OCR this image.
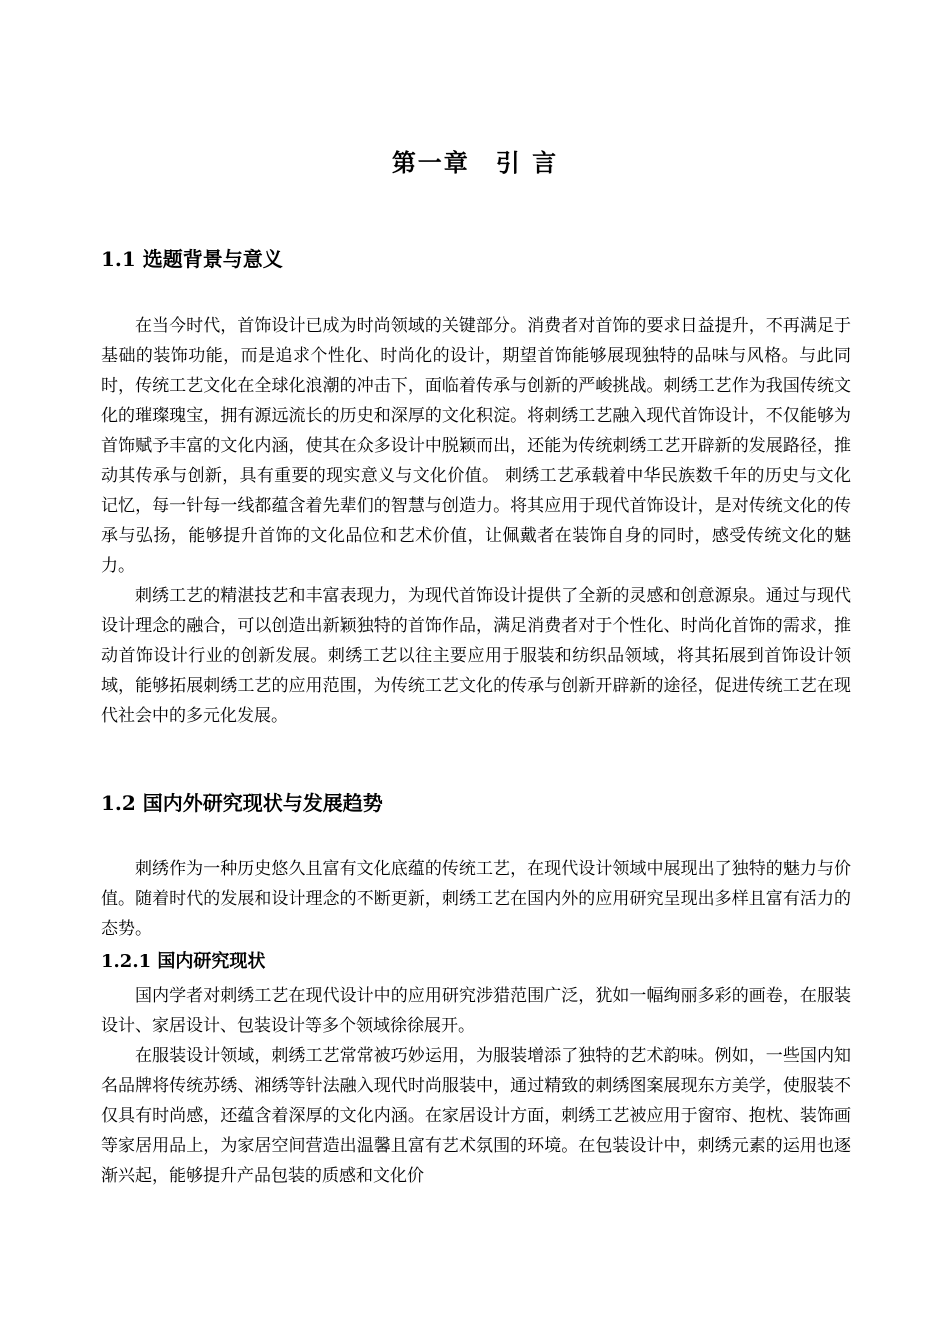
第一章　引 言
1.1 选题背景与意义

在当今时代，首饰设计已成为时尚领域的关键部分。消费者对首饰的要求日益提升，不再满足于基础的装饰功能，而是追求个性化、时尚化的设计，期望首饰能够展现独特的品味与风格。与此同时，传统工艺文化在全球化浪潮的冲击下，面临着传承与创新的严峻挑战。刺绣工艺作为我国传统文化的璀璨瑰宝，拥有源远流长的历史和深厚的文化积淀。将刺绣工艺融入现代首饰设计，不仅能够为首饰赋予丰富的文化内涵，使其在众多设计中脱颖而出，还能为传统刺绣工艺开辟新的发展路径，推动其传承与创新，具有重要的现实意义与文化价值。 刺绣工艺承载着中华民族数千年的历史与文化记忆，每一针每一线都蕴含着先辈们的智慧与创造力。将其应用于现代首饰设计，是对传统文化的传承与弘扬，能够提升首饰的文化品位和艺术价值，让佩戴者在装饰自身的同时，感受传统文化的魅力。

刺绣工艺的精湛技艺和丰富表现力，为现代首饰设计提供了全新的灵感和创意源泉。通过与现代设计理念的融合，可以创造出新颖独特的首饰作品，满足消费者对于个性化、时尚化首饰的需求，推动首饰设计行业的创新发展。刺绣工艺以往主要应用于服装和纺织品领域，将其拓展到首饰设计领域，能够拓展刺绣工艺的应用范围，为传统工艺文化的传承与创新开辟新的途径，促进传统工艺在现代社会中的多元化发展。

1.2 国内外研究现状与发展趋势

刺绣作为一种历史悠久且富有文化底蕴的传统工艺，在现代设计领域中展现出了独特的魅力与价值。随着时代的发展和设计理念的不断更新，刺绣工艺在国内外的应用研究呈现出多样且富有活力的态势。

1.2.1 国内研究现状

国内学者对刺绣工艺在现代设计中的应用研究涉猎范围广泛，犹如一幅绚丽多彩的画卷，在服装设计、家居设计、包装设计等多个领域徐徐展开。

在服装设计领域，刺绣工艺常常被巧妙运用，为服装增添了独特的艺术韵味。例如，一些国内知名品牌将传统苏绣、湘绣等针法融入现代时尚服装中，通过精致的刺绣图案展现东方美学，使服装不仅具有时尚感，还蕴含着深厚的文化内涵。在家居设计方面，刺绣工艺被应用于窗帘、抱枕、装饰画等家居用品上，为家居空间营造出温馨且富有艺术氛围的环境。在包装设计中，刺绣元素的运用也逐渐兴起，能够提升产品包装的质感和文化价
